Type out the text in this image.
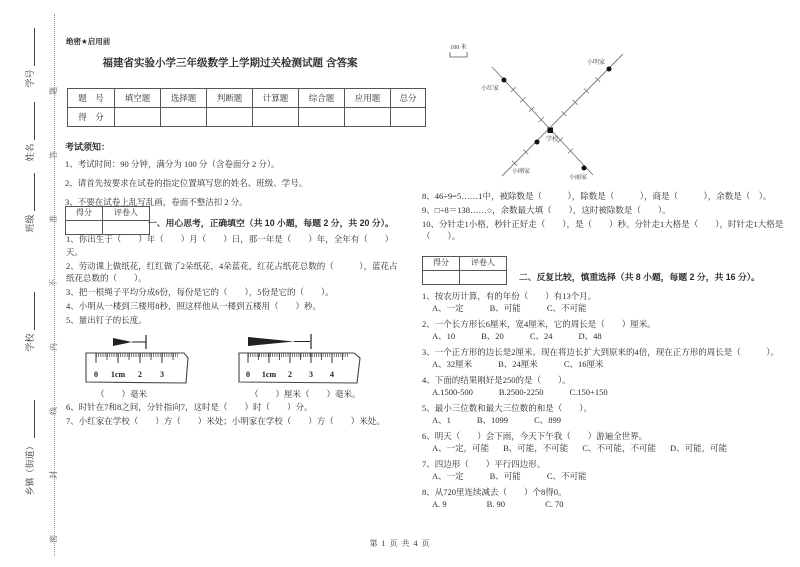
密封线内不准答题
学号
姓名
班级
学校
乡镇（街道）
绝密★启用前
福建省实验小学三年级数学上学期过关检测试题 含答案
题　号	填空题	选择题	判断题	计算题	综合题	应用题	总分
得　分							
考试须知：
1、考试时间：90 分钟，满分为 100 分（含卷面分 2 分）。
2、请首先按要求在试卷的指定位置填写您的姓名、班级、学号。
3、不要在试卷上乱写乱画，卷面不整洁扣 2 分。
得分	评卷人

一、用心思考，正确填空（共 10 小题，每题 2 分，共 20 分）。
1、你出生于（　　）年（　　）月（　　）日，那一年是（　　）年，全年有（　　）天。
2、劳动课上做纸花，红红做了2朵纸花，4朵蓝花，红花占纸花总数的（　　　），蓝花占纸花总数的（　　）。
3、把一根绳子平均分成6份，每份是它的（　　），5份是它的（　　）。
4、小明从一楼到三楼用8秒，照这样他从一楼到五楼用（　　）秒。
5、量出钉子的长度。
0 1cm 2 3
（　　）毫米
0 1cm 2 3 4
（　　）厘米（　　）毫米。
6、时针在7和8之间，分针指向7，这时是（　　）时（　　）分。
7、小红家在学校（　　）方（　　）米处；小明家在学校（　　）方（　　）米处。
100 米
小红家
小明家
学校
小刚家
小丽家
8、46÷9=5……1中，被除数是（　　　），除数是（　　　），商是（　　　），余数是（　）。
9、□÷8＝138……○，余数最大填（　　），这时被除数是（　　）。
10、分针走1小格，秒针正好走（　　），是（　　）秒。分针走1大格是（　　），时针走1大格是（　　）。
得分	评卷人

二、反复比较，慎重选择（共 8 小题，每题 2 分，共 16 分）。
1、按农历计算，有的年份（　　）有13个月。
A、一定	B、可能	C、不可能
2、一个长方形长6厘米，宽4厘米，它的周长是（　　）厘米。
A、10	B、20	C、24	D、48
3、一个正方形的边长是2厘米。现在将边长扩大到原来的4倍，现在正方形的周长是（　　　）。
A、32厘米	B、24厘米	C、16厘米
4、下面的结果刚好是250的是（　　）。
A.1500-500	B.2500-2250	C.150+150
5、最小三位数和最大三位数的和是（　　）。
A、1	B、1099	C、899
6、明天（　　）会下雨，今天下午我（　　）游遍全世界。
A、一定，可能 B、可能，不可能 C、不可能，不可能 D、可能，可能
7、四边形（　　）平行四边形。
A、一定	B、可能	C、不可能
8、从720里连续减去（　　）个8得0。
A. 9	B. 90	C. 70
第 1 页 共 4 页
